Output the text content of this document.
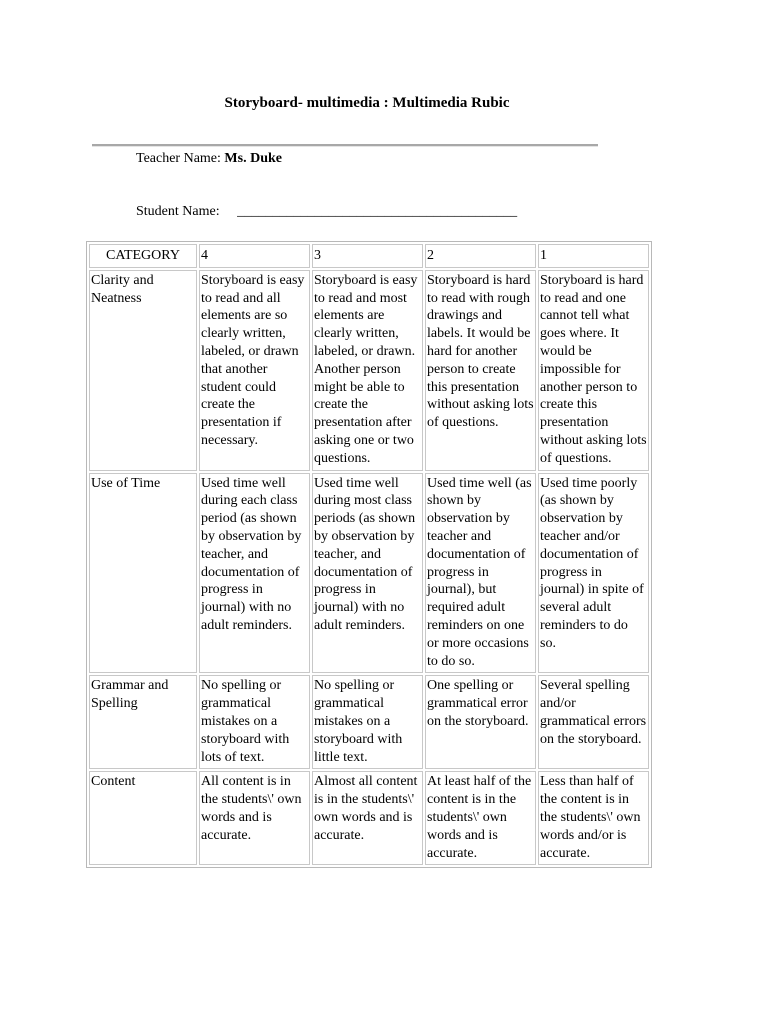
Storyboard- multimedia : Multimedia Rubic
Teacher Name: Ms. Duke
Student Name: ________________________________________
CATEGORY	4	3	2	1
Clarity and Neatness	Storyboard is easy to read and all elements are so clearly written, labeled, or drawn that another student could create the presentation if necessary.	Storyboard is easy to read and most elements are clearly written, labeled, or drawn. Another person might be able to create the presentation after asking one or two questions.	Storyboard is hard to read with rough drawings and labels. It would be hard for another person to create this presentation without asking lots of questions.	Storyboard is hard to read and one cannot tell what goes where. It would be impossible for another person to create this presentation without asking lots of questions.
Use of Time	Used time well during each class period (as shown by observation by teacher, and documentation of progress in journal) with no adult reminders.	Used time well during most class periods (as shown by observation by teacher, and documentation of progress in journal) with no adult reminders.	Used time well (as shown by observation by teacher and documentation of progress in journal), but required adult reminders on one or more occasions to do so.	Used time poorly (as shown by observation by teacher and/or documentation of progress in journal) in spite of several adult reminders to do so.
Grammar and Spelling	No spelling or grammatical mistakes on a storyboard with lots of text.	No spelling or grammatical mistakes on a storyboard with little text.	One spelling or grammatical error on the storyboard.	Several spelling and/or grammatical errors on the storyboard.
Content	All content is in the students\' own words and is accurate.	Almost all content is in the students\' own words and is accurate.	At least half of the content is in the students\' own words and is accurate.	Less than half of the content is in the students\' own words and/or is accurate.
